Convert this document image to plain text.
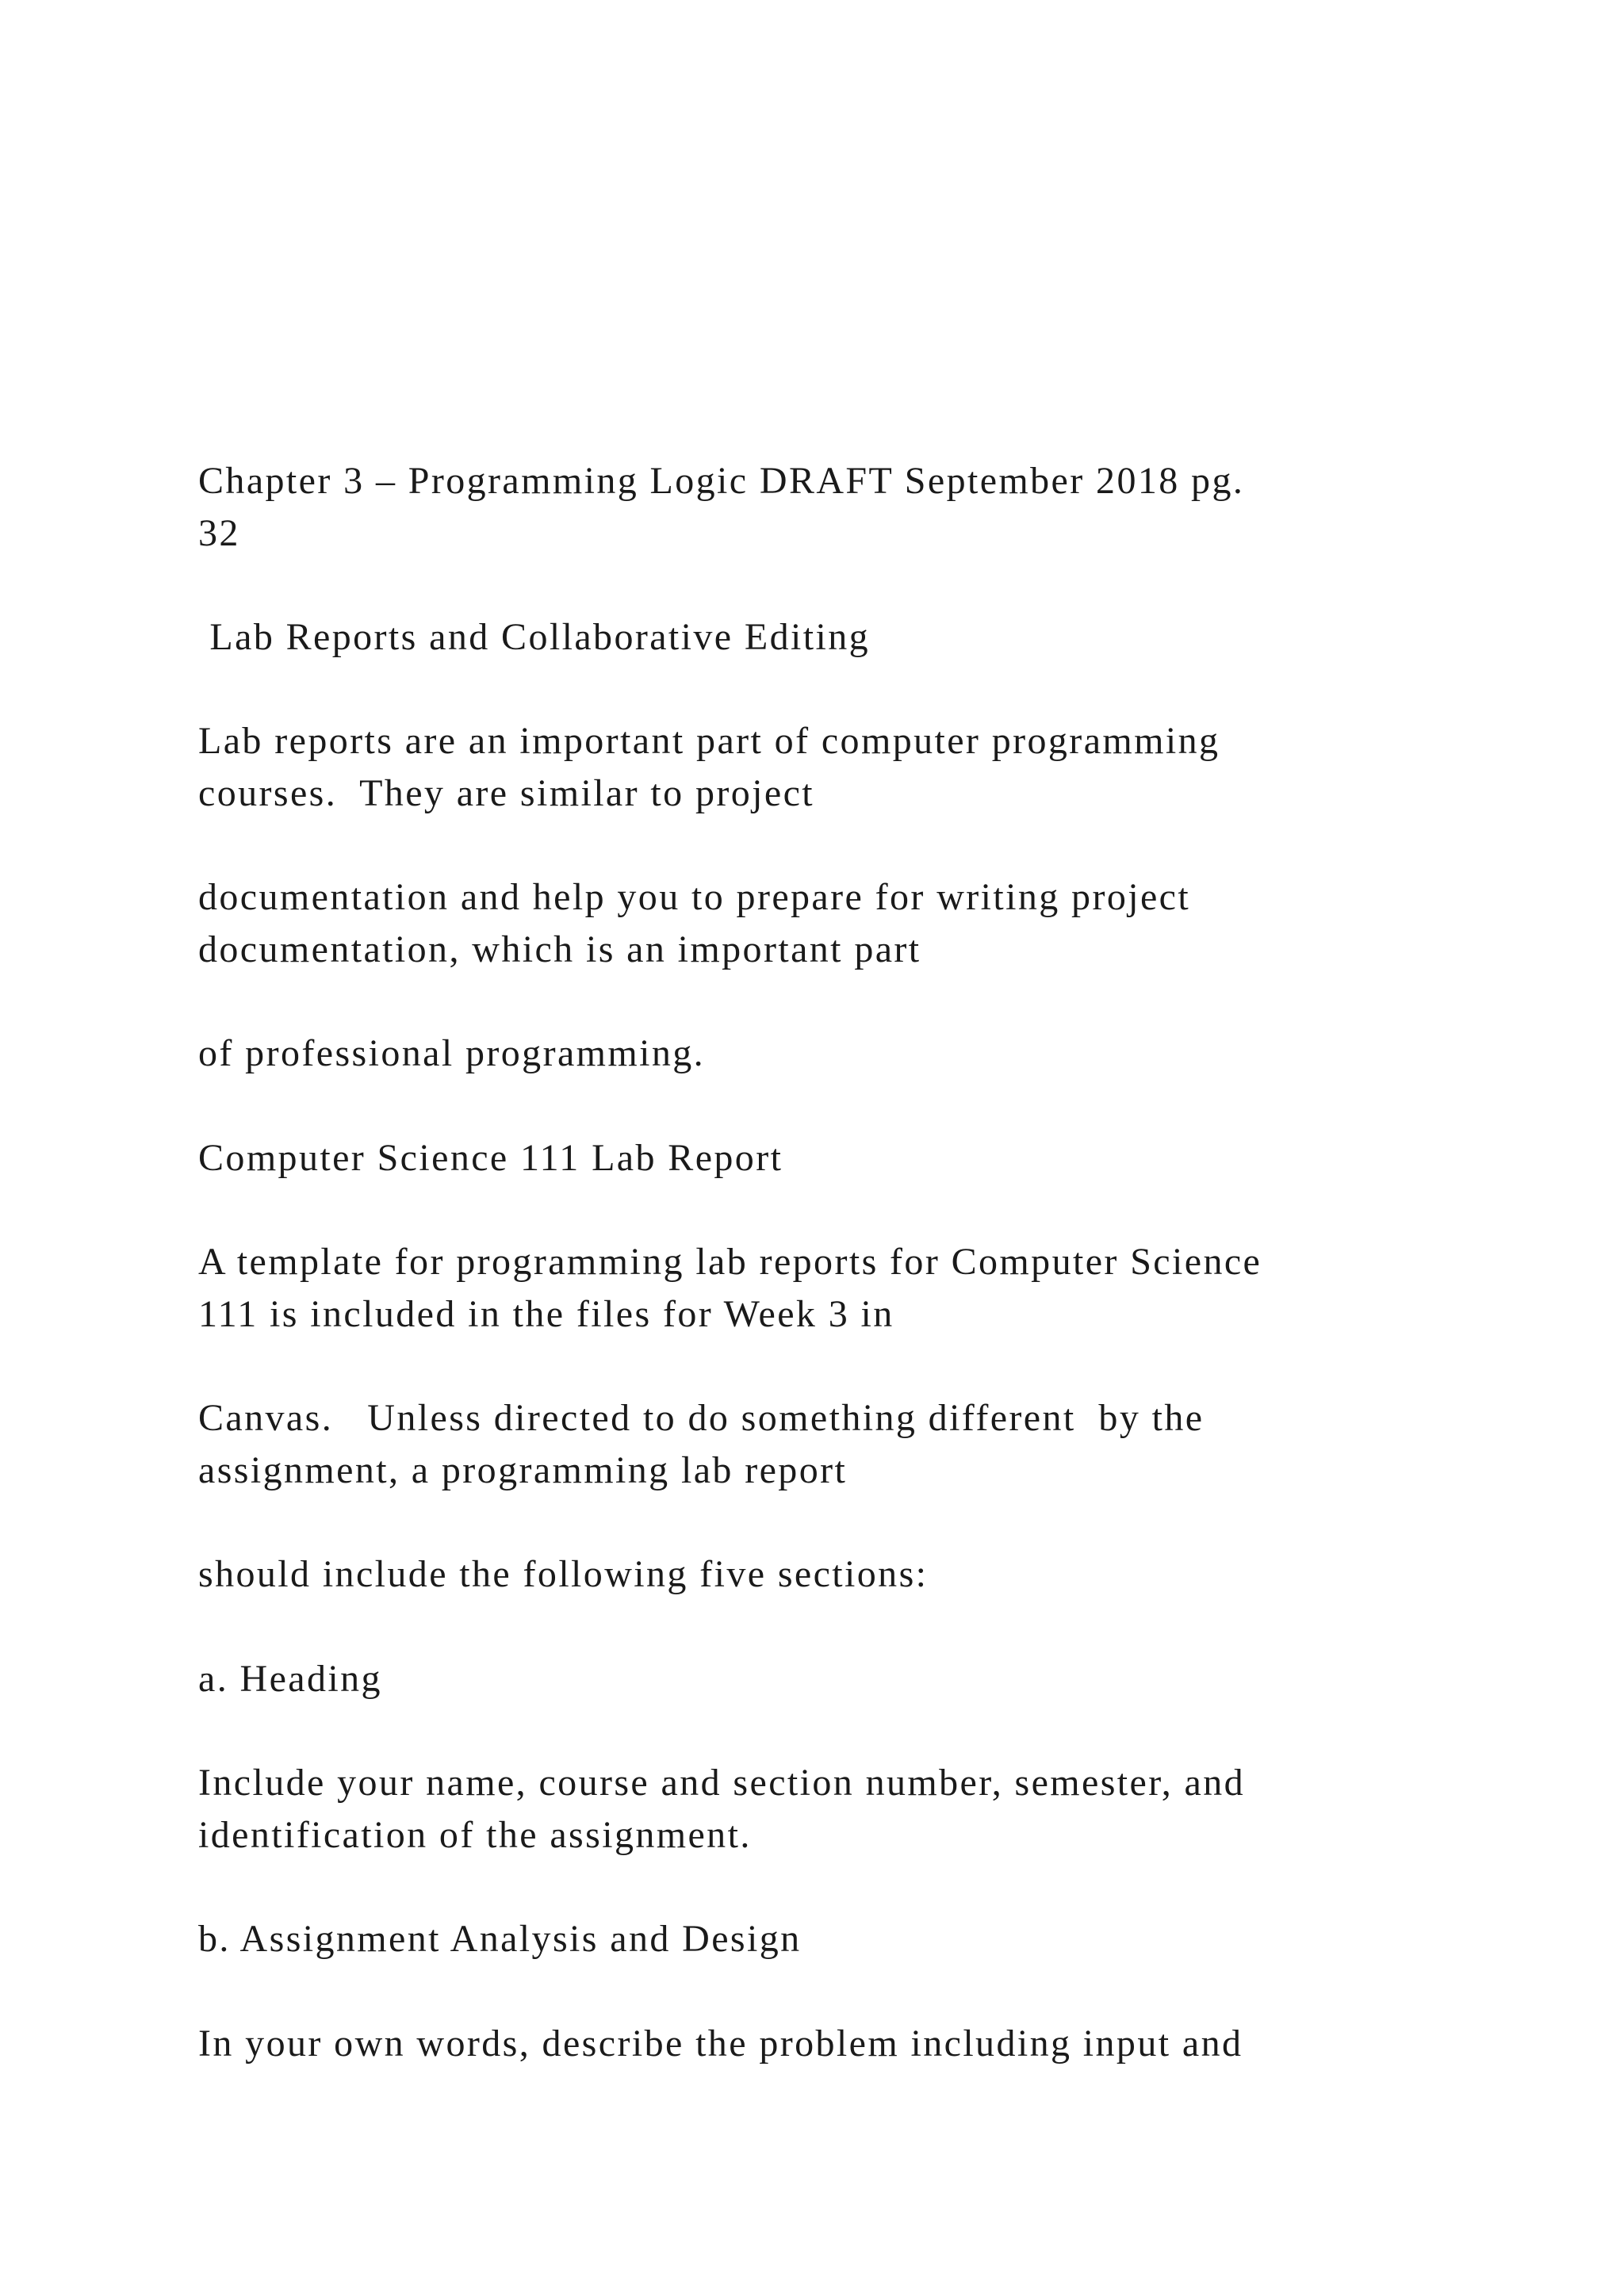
Chapter 3 – Programming Logic DRAFT September 2018 pg.
32

Lab Reports and Collaborative Editing

Lab reports are an important part of computer programming
courses.  They are similar to project

documentation and help you to prepare for writing project
documentation, which is an important part

of professional programming.

Computer Science 111 Lab Report

A template for programming lab reports for Computer Science
111 is included in the files for Week 3 in

Canvas.   Unless directed to do something different  by the
assignment, a programming lab report

should include the following five sections:

a. Heading

Include your name, course and section number, semester, and
identification of the assignment.

b. Assignment Analysis and Design

In your own words, describe the problem including input and
